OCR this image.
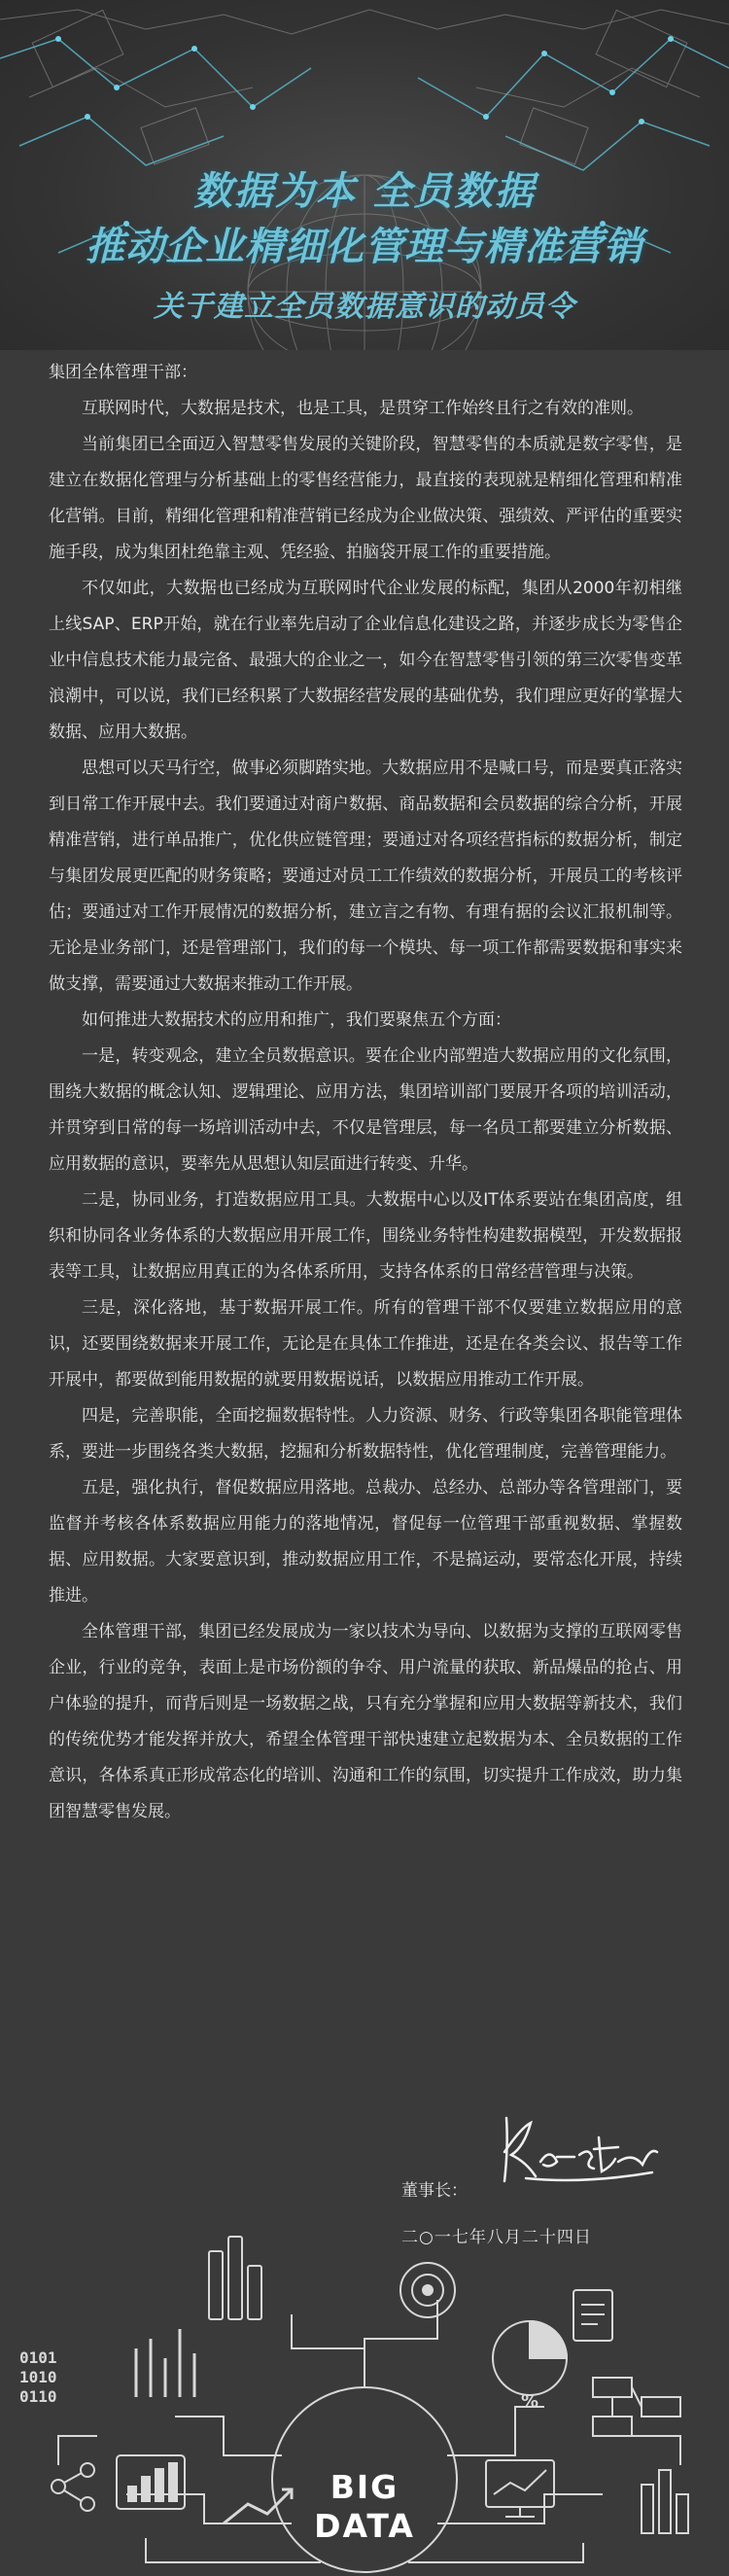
数据为本 全员数据
推动企业精细化管理与精准营销
关于建立全员数据意识的动员令

集团全体管理干部：

互联网时代，大数据是技术，也是工具，是贯穿工作始终且行之有效的准则。

当前集团已全面迈入智慧零售发展的关键阶段，智慧零售的本质就是数字零售，是建立在数据化管理与分析基础上的零售经营能力，最直接的表现就是精细化管理和精准化营销。目前，精细化管理和精准营销已经成为企业做决策、强绩效、严评估的重要实施手段，成为集团杜绝靠主观、凭经验、拍脑袋开展工作的重要措施。

不仅如此，大数据也已经成为互联网时代企业发展的标配，集团从2000年初相继上线SAP、ERP开始，就在行业率先启动了企业信息化建设之路，并逐步成长为零售企业中信息技术能力最完备、最强大的企业之一，如今在智慧零售引领的第三次零售变革浪潮中，可以说，我们已经积累了大数据经营发展的基础优势，我们理应更好的掌握大数据、应用大数据。

思想可以天马行空，做事必须脚踏实地。大数据应用不是喊口号，而是要真正落实到日常工作开展中去。我们要通过对商户数据、商品数据和会员数据的综合分析，开展精准营销，进行单品推广，优化供应链管理；要通过对各项经营指标的数据分析，制定与集团发展更匹配的财务策略；要通过对员工工作绩效的数据分析，开展员工的考核评估；要通过对工作开展情况的数据分析，建立言之有物、有理有据的会议汇报机制等。无论是业务部门，还是管理部门，我们的每一个模块、每一项工作都需要数据和事实来做支撑，需要通过大数据来推动工作开展。

如何推进大数据技术的应用和推广，我们要聚焦五个方面：

一是，转变观念，建立全员数据意识。要在企业内部塑造大数据应用的文化氛围，围绕大数据的概念认知、逻辑理论、应用方法，集团培训部门要展开各项的培训活动，并贯穿到日常的每一场培训活动中去，不仅是管理层，每一名员工都要建立分析数据、应用数据的意识，要率先从思想认知层面进行转变、升华。

二是，协同业务，打造数据应用工具。大数据中心以及IT体系要站在集团高度，组织和协同各业务体系的大数据应用开展工作，围绕业务特性构建数据模型，开发数据报表等工具，让数据应用真正的为各体系所用，支持各体系的日常经营管理与决策。

三是，深化落地，基于数据开展工作。所有的管理干部不仅要建立数据应用的意识，还要围绕数据来开展工作，无论是在具体工作推进，还是在各类会议、报告等工作开展中，都要做到能用数据的就要用数据说话，以数据应用推动工作开展。

四是，完善职能，全面挖掘数据特性。人力资源、财务、行政等集团各职能管理体系，要进一步围绕各类大数据，挖掘和分析数据特性，优化管理制度，完善管理能力。

五是，强化执行，督促数据应用落地。总裁办、总经办、总部办等各管理部门，要监督并考核各体系数据应用能力的落地情况，督促每一位管理干部重视数据、掌握数据、应用数据。大家要意识到，推动数据应用工作，不是搞运动，要常态化开展，持续推进。

全体管理干部，集团已经发展成为一家以技术为导向、以数据为支撑的互联网零售企业，行业的竞争，表面上是市场份额的争夺、用户流量的获取、新品爆品的抢占、用户体验的提升，而背后则是一场数据之战，只有充分掌握和应用大数据等新技术，我们的传统优势才能发挥并放大，希望全体管理干部快速建立起数据为本、全员数据的工作意识，各体系真正形成常态化的培训、沟通和工作的氛围，切实提升工作成效，助力集团智慧零售发展。

董事长：
二○一七年八月二十四日
0101
1010
0110	%
BIG
DATA
